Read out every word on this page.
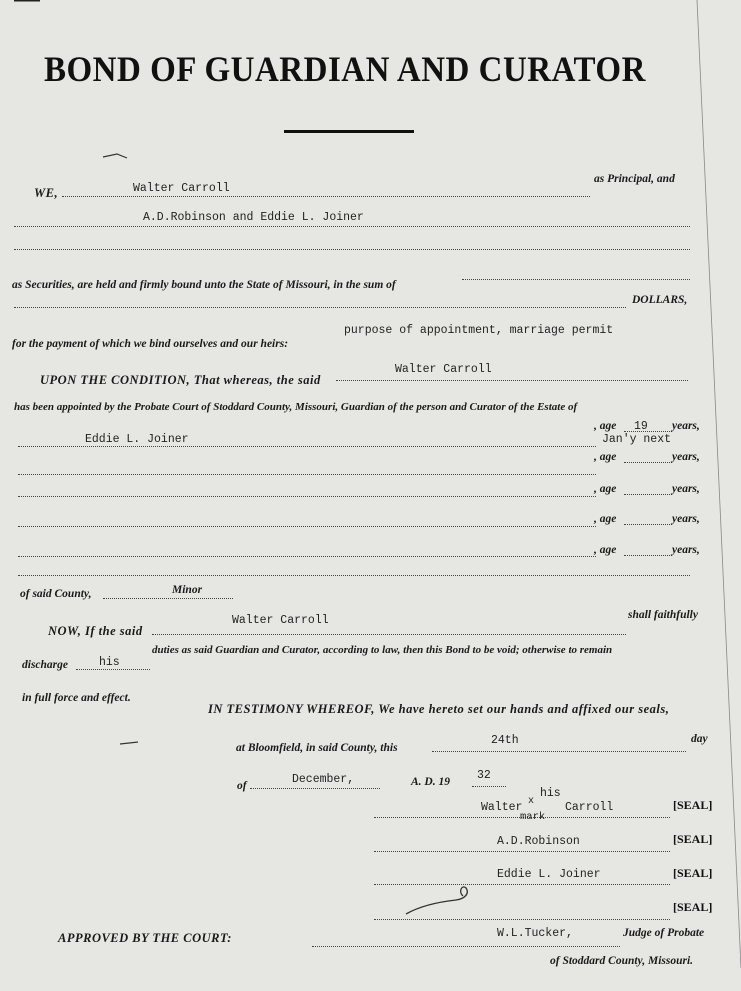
BOND OF GUARDIAN AND CURATOR
WE,	Walter Carroll
as Principal, and
A.D.Robinson and Eddie L. Joiner
as Securities, are held and firmly bound unto the State of Missouri, in the sum of
DOLLARS,
for the payment of which we bind ourselves and our heirs:
purpose of appointment, marriage permit
UPON THE CONDITION, That whereas, the said
Walter Carroll
has been appointed by the Probate Court of Stoddard County, Missouri, Guardian of the person and Curator of the Estate of
Eddie L. Joiner
, age 19 years,
Jan'y next
, age	years,
, age	years,
, age	years,
, age	years,
of said County,	Minor
NOW, If the said
Walter Carroll	shall faithfully
discharge	his
duties as said Guardian and Curator, according to law, then this Bond to be void; otherwise to remain
in full force and effect.
IN TESTIMONY WHEREOF, We have hereto set our hands and affixed our seals,
at Bloomfield, in said County, this
24th	day
of	December,	A. D. 19 32
his
Walter x	Carroll
mark
[SEAL]
A.D.Robinson	[SEAL]
Eddie L. Joiner	[SEAL]
[SEAL]
APPROVED BY THE COURT:	W.L.Tucker,	Judge of Probate
of Stoddard County, Missouri.
